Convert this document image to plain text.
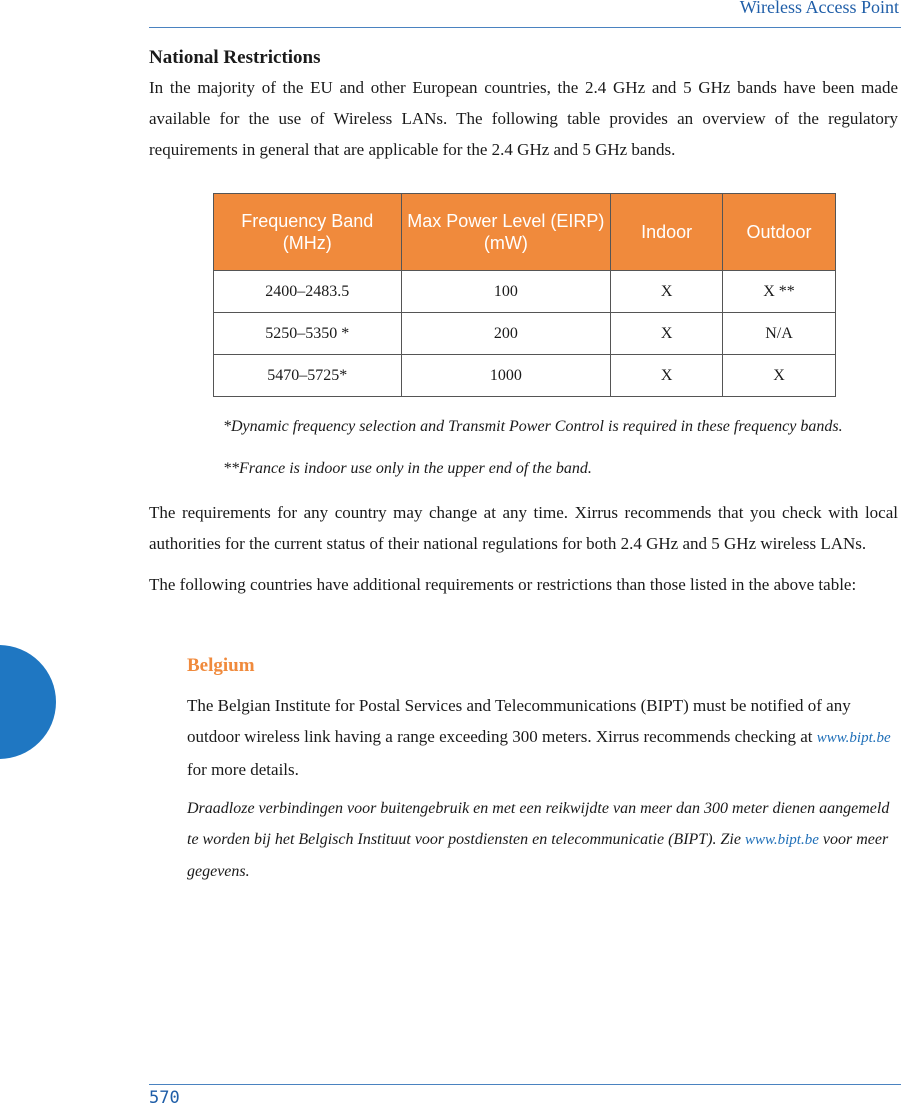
Wireless Access Point
National Restrictions

In the majority of the EU and other European countries, the 2.4 GHz and 5 GHz bands have been made available for the use of Wireless LANs. The following table provides an overview of the regulatory requirements in general that are applicable for the 2.4 GHz and 5 GHz bands.

Frequency Band (MHz)	Max Power Level (EIRP) (mW)	Indoor	Outdoor
2400–2483.5	100	X	X **
5250–5350 *	200	X	N/A
5470–5725*	1000	X	X

*Dynamic frequency selection and Transmit Power Control is required in these frequency bands.

**France is indoor use only in the upper end of the band.

The requirements for any country may change at any time. Xirrus recommends that you check with local authorities for the current status of their national regulations for both 2.4 GHz and 5 GHz wireless LANs.

The following countries have additional requirements or restrictions than those listed in the above table:

Belgium

The Belgian Institute for Postal Services and Telecommunications (BIPT) must be notified of any outdoor wireless link having a range exceeding 300 meters. Xirrus recommends checking at www.bipt.be for more details.

Draadloze verbindingen voor buitengebruik en met een reikwijdte van meer dan 300 meter dienen aangemeld te worden bij het Belgisch Instituut voor postdiensten en telecommunicatie (BIPT). Zie www.bipt.be voor meer gegevens.

570
